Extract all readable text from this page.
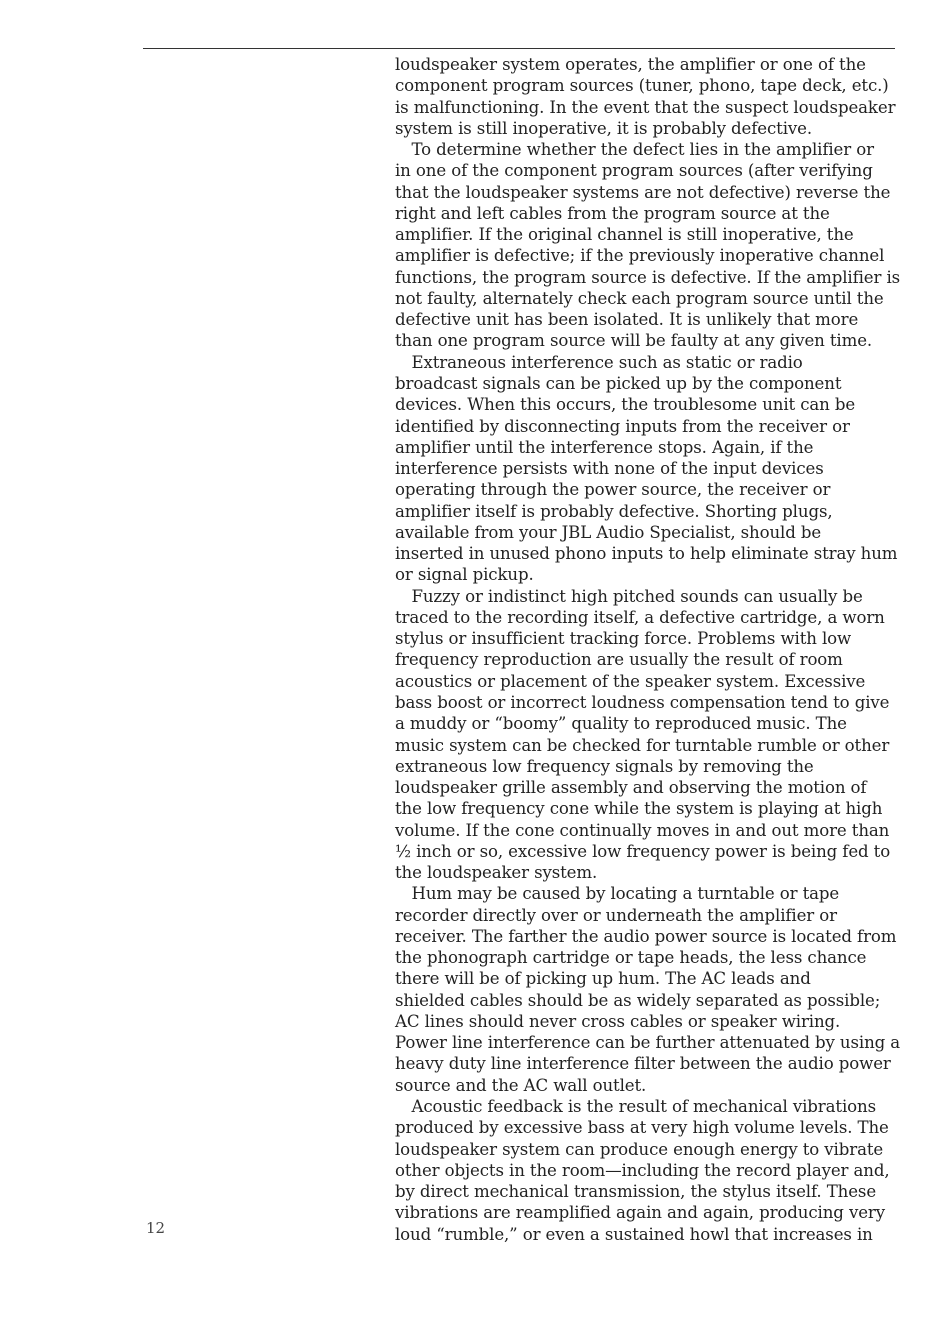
loudspeaker system operates, the amplifier or one of the
component program sources (tuner, phono, tape deck, etc.)
is malfunctioning. In the event that the suspect loudspeaker
system is still inoperative, it is probably defective.
 To determine whether the defect lies in the amplifier or
in one of the component program sources (after verifying
that the loudspeaker systems are not defective) reverse the
right and left cables from the program source at the
amplifier. If the original channel is still inoperative, the
amplifier is defective; if the previously inoperative channel
functions, the program source is defective. If the amplifier is
not faulty, alternately check each program source until the
defective unit has been isolated. It is unlikely that more
than one program source will be faulty at any given time.
 Extraneous interference such as static or radio
broadcast signals can be picked up by the component
devices. When this occurs, the troublesome unit can be
identified by disconnecting inputs from the receiver or
amplifier until the interference stops. Again, if the
interference persists with none of the input devices
operating through the power source, the receiver or
amplifier itself is probably defective. Shorting plugs,
available from your JBL Audio Specialist, should be
inserted in unused phono inputs to help eliminate stray hum
or signal pickup.
 Fuzzy or indistinct high pitched sounds can usually be
traced to the recording itself, a defective cartridge, a worn
stylus or insufficient tracking force. Problems with low
frequency reproduction are usually the result of room
acoustics or placement of the speaker system. Excessive
bass boost or incorrect loudness compensation tend to give
a muddy or “boomy” quality to reproduced music. The
music system can be checked for turntable rumble or other
extraneous low frequency signals by removing the
loudspeaker grille assembly and observing the motion of
the low frequency cone while the system is playing at high
volume. If the cone continually moves in and out more than
½ inch or so, excessive low frequency power is being fed to
the loudspeaker system.
 Hum may be caused by locating a turntable or tape
recorder directly over or underneath the amplifier or
receiver. The farther the audio power source is located from
the phonograph cartridge or tape heads, the less chance
there will be of picking up hum. The AC leads and
shielded cables should be as widely separated as possible;
AC lines should never cross cables or speaker wiring.
Power line interference can be further attenuated by using a
heavy duty line interference filter between the audio power
source and the AC wall outlet.
 Acoustic feedback is the result of mechanical vibrations
produced by excessive bass at very high volume levels. The
loudspeaker system can produce enough energy to vibrate
other objects in the room—including the record player and,
by direct mechanical transmission, the stylus itself. These
vibrations are reamplified again and again, producing very
loud “rumble,” or even a sustained howl that increases in
12
